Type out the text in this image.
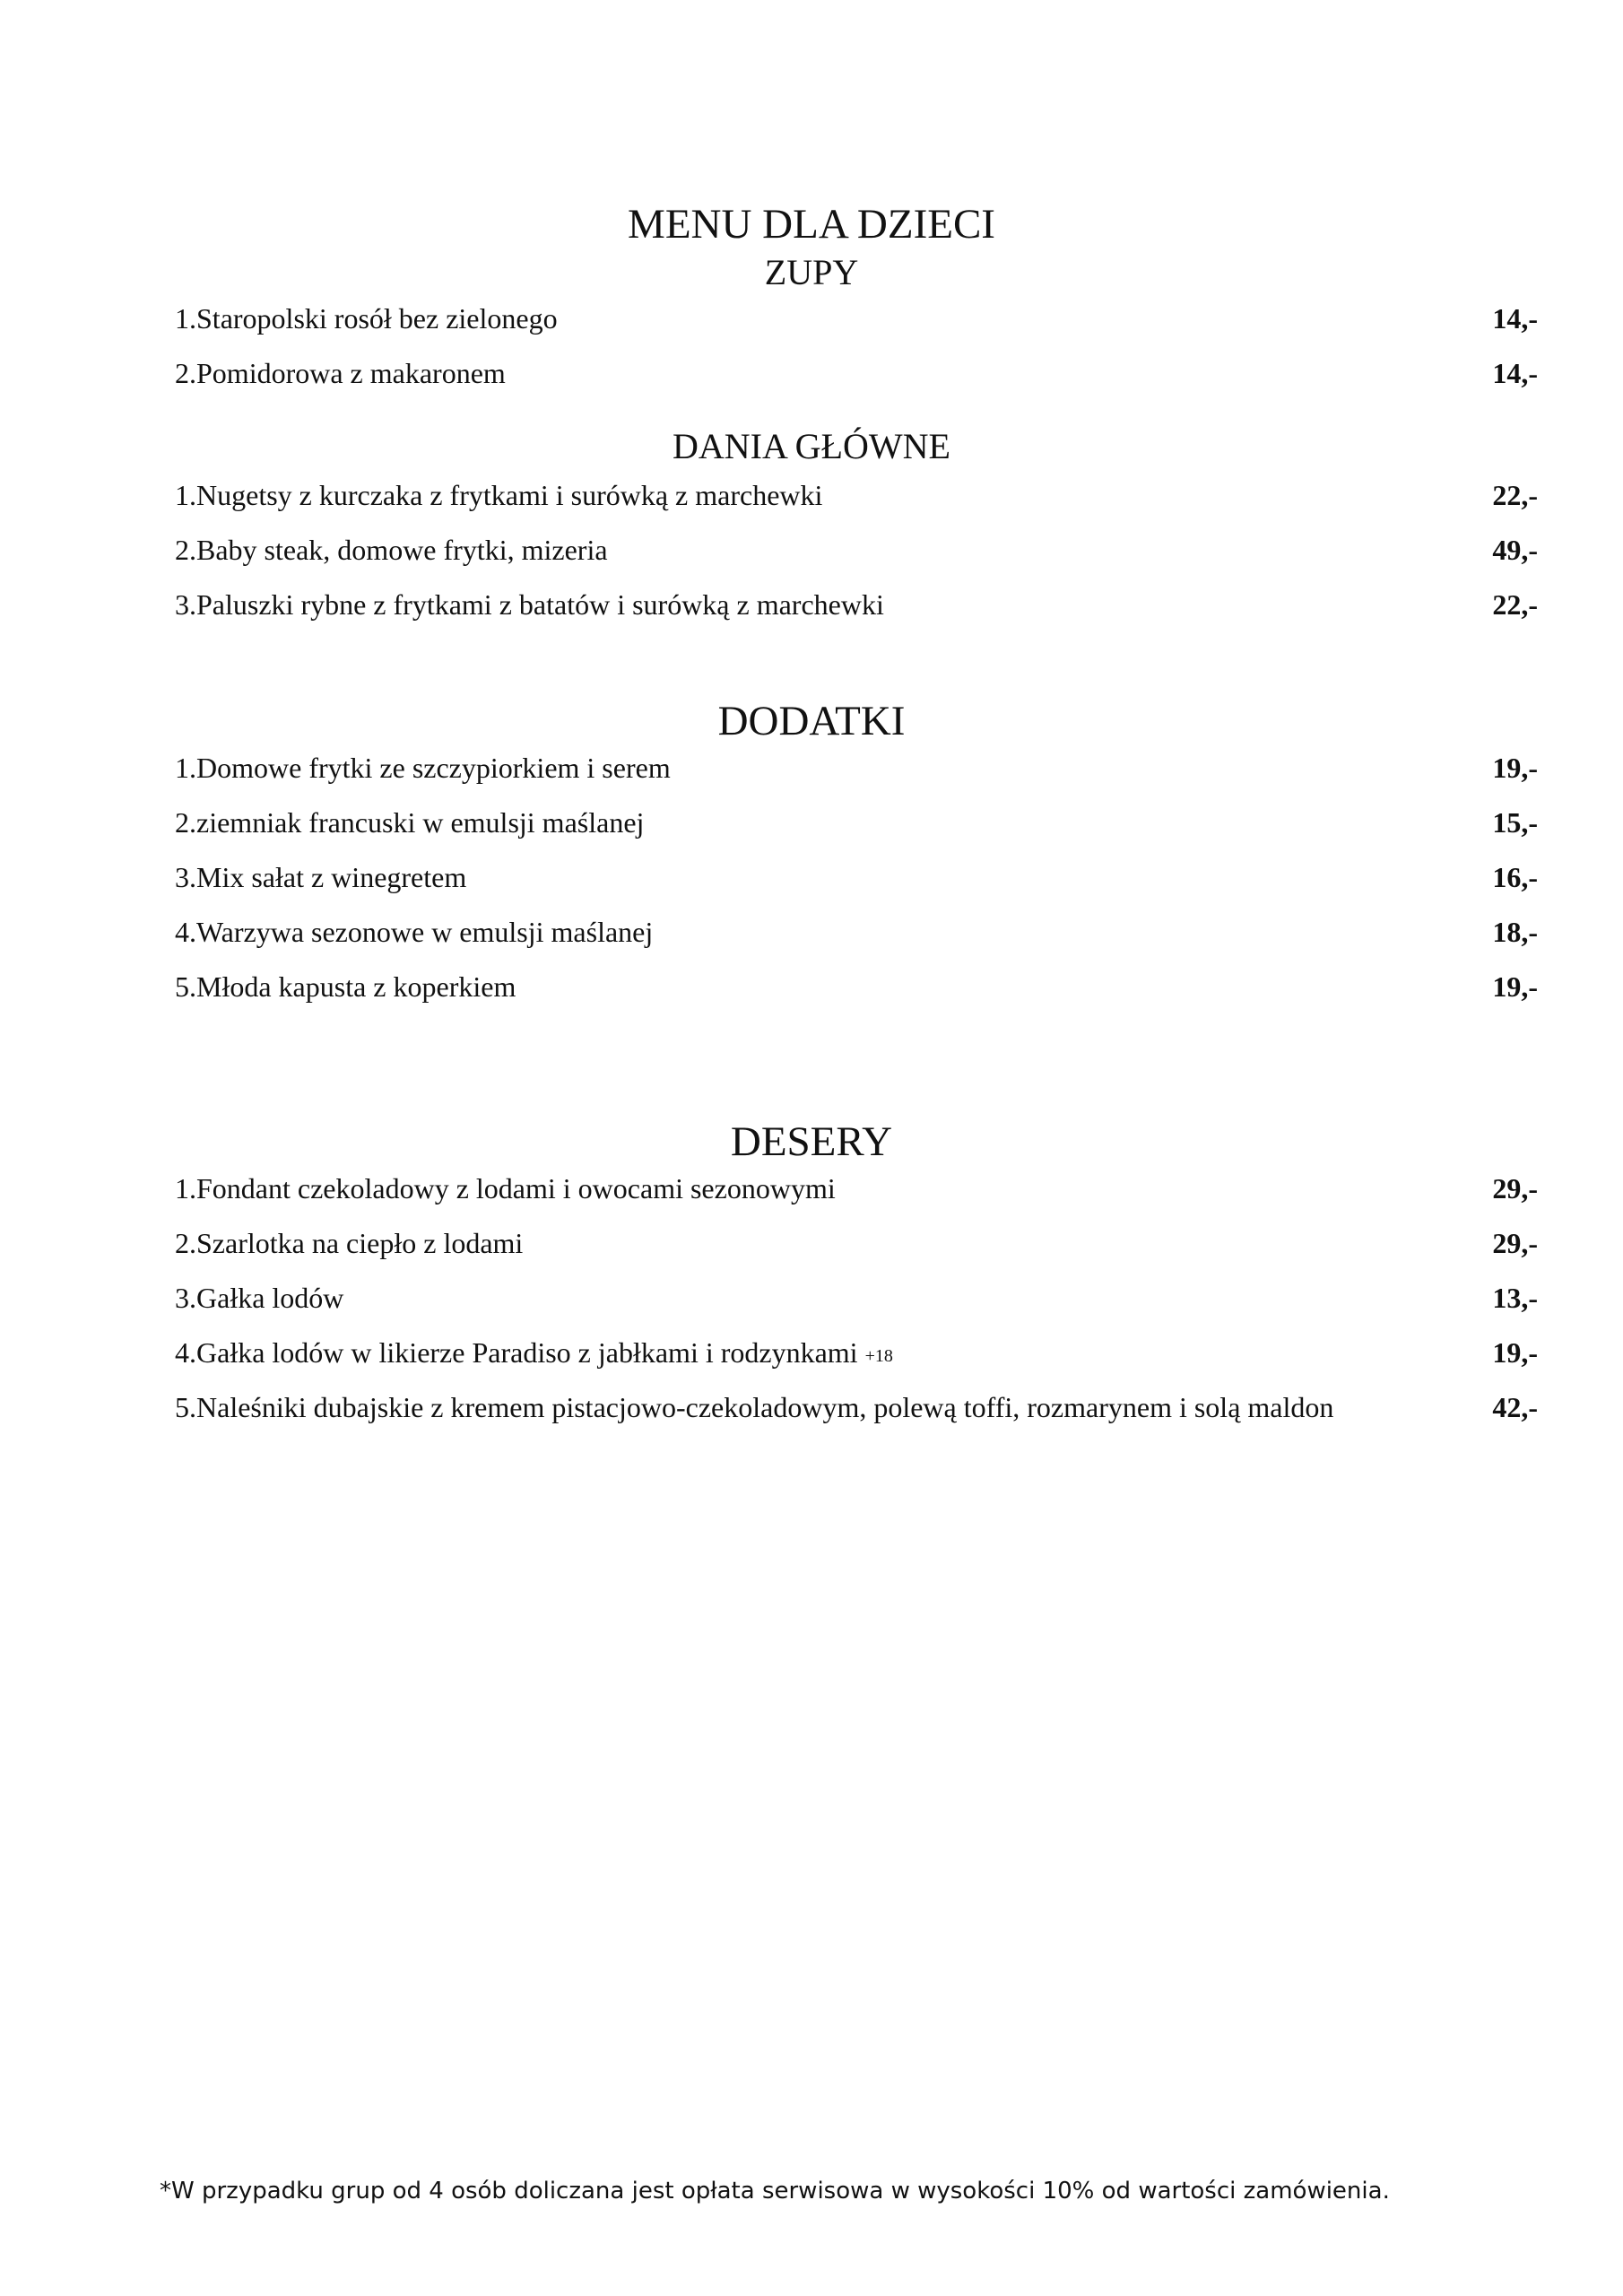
MENU DLA DZIECI
ZUPY
1.Staropolski rosół bez zielonego	14,-
2.Pomidorowa z makaronem	14,-
DANIA GŁÓWNE
1.Nugetsy z kurczaka z frytkami i surówką z marchewki	22,-
2.Baby steak, domowe frytki, mizeria	49,-
3.Paluszki rybne z frytkami z batatów i surówką z marchewki	22,-
DODATKI
1.Domowe frytki ze szczypiorkiem i serem	19,-
2.ziemniak francuski w emulsji maślanej	15,-
3.Mix sałat z winegretem	16,-
4.Warzywa sezonowe w emulsji maślanej	18,-
5.Młoda kapusta z koperkiem	19,-
DESERY
1.Fondant czekoladowy z lodami i owocami sezonowymi	29,-
2.Szarlotka na ciepło z lodami	29,-
3.Gałka lodów	13,-
4.Gałka lodów w likierze Paradiso z jabłkami i rodzynkami +18	19,-
5.Naleśniki dubajskie z kremem pistacjowo-czekoladowym, polewą toffi, rozmarynem i solą maldon	42,-
*W przypadku grup od 4 osób doliczana jest opłata serwisowa w wysokości 10% od wartości zamówienia.
